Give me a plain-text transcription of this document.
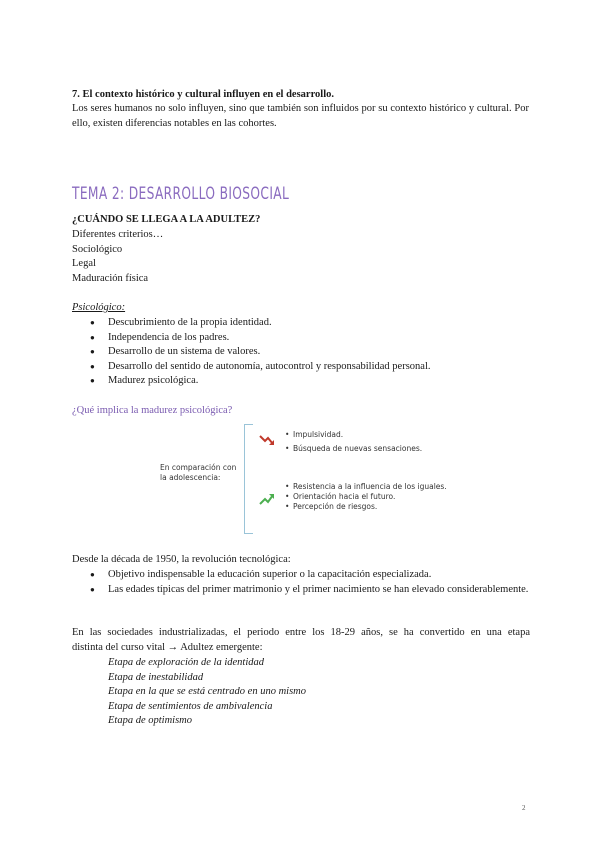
7. El contexto histórico y cultural influyen en el desarrollo.
Los seres humanos no solo influyen, sino que también son influidos por su contexto histórico y cultural. Por ello, existen diferencias notables en las cohortes.
TEMA 2: DESARROLLO BIOSOCIAL
¿CUÁNDO SE LLEGA A LA ADULTEZ?
Diferentes criterios…
Sociológico
Legal
Maduración física
Psicológico:
● Descubrimiento de la propia identidad.
● Independencia de los padres.
● Desarrollo de un sistema de valores.
● Desarrollo del sentido de autonomía, autocontrol y responsabilidad personal.
● Madurez psicológica.
¿Qué implica la madurez psicológica?
En comparación con la adolescencia:
• Impulsividad.
• Búsqueda de nuevas sensaciones.
• Resistencia a la influencia de los iguales.
• Orientación hacia el futuro.
• Percepción de riesgos.
Desde la década de 1950, la revolución tecnológica:
● Objetivo indispensable la educación superior o la capacitación especializada.
● Las edades típicas del primer matrimonio y el primer nacimiento se han elevado considerablemente.
En las sociedades industrializadas, el periodo entre los 18-29 años, se ha convertido en una etapa
distinta del curso vital → Adultez emergente:
Etapa de exploración de la identidad
Etapa de inestabilidad
Etapa en la que se está centrado en uno mismo
Etapa de sentimientos de ambivalencia
Etapa de optimismo
2
